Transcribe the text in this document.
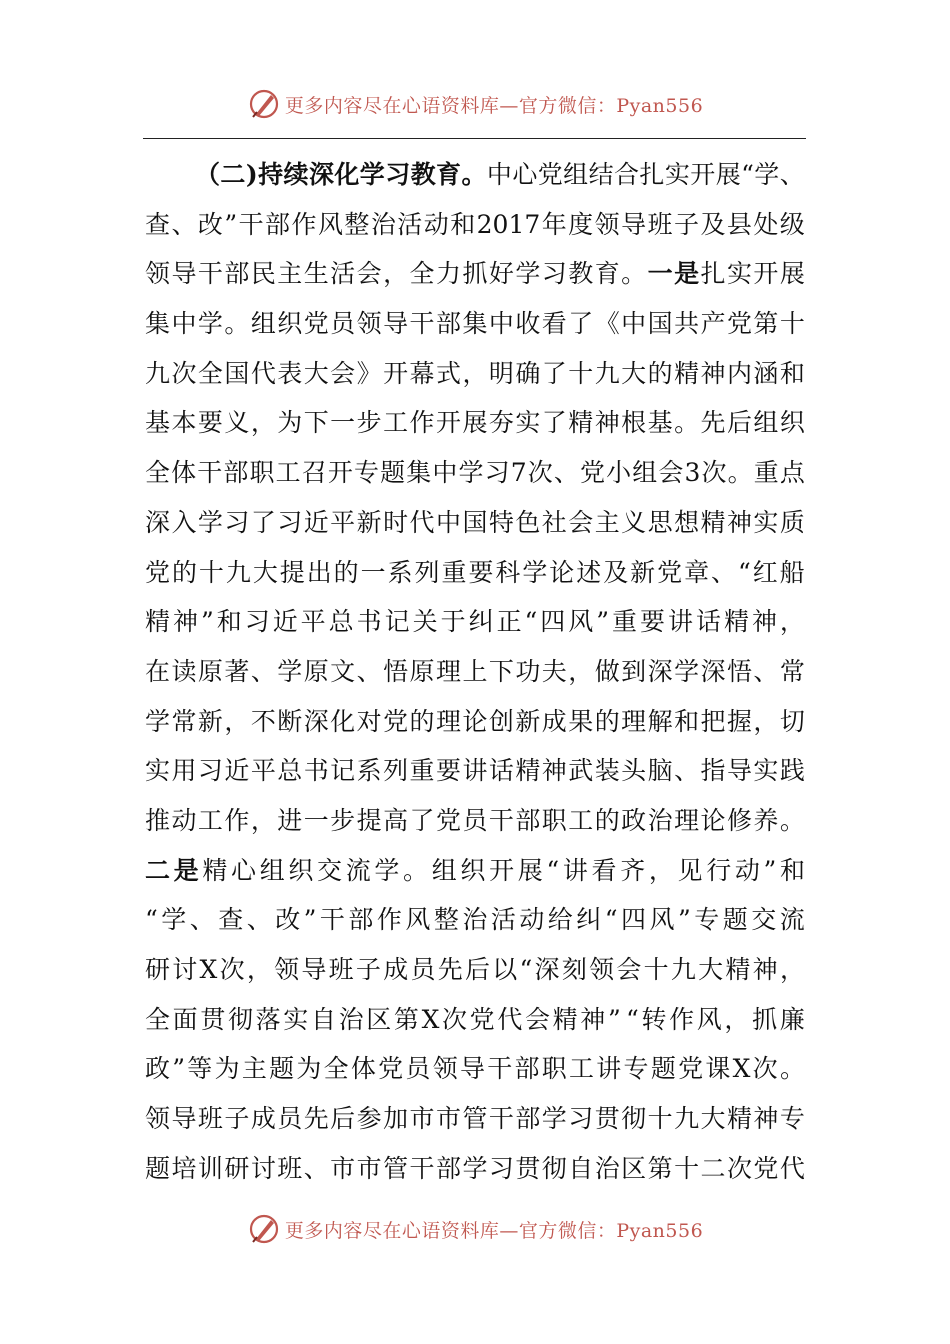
更多内容尽在心语资料库—官方微信：Pyan556
（ 二 ) 持 续 深 化 学 习 教 育 。 中 心 党 组 结 合 扎 实 开 展 “ 学 、
查 、 改 ” 干 部 作 风 整 治 活 动 和 2017 年 度 领 导 班 子 及 县 处 级
领 导 干 部 民 主 生 活 会 ， 全 力 抓 好 学 习 教 育 。 一 是 扎 实 开 展
集 中 学 。 组 织 党 员 领 导 干 部 集 中 收 看 了 《 中 国 共 产 党 第 十
九 次 全 国 代 表 大 会 》 开 幕 式 ， 明 确 了 十 九 大 的 精 神 内 涵 和
基 本 要 义 ， 为 下 一 步 工 作 开 展 夯 实 了 精 神 根 基 。 先 后 组 织
全 体 干 部 职 工 召 开 专 题 集 中 学 习 7 次 、 党 小 组 会 3 次 。 重 点
深 入 学 习 了 习 近 平 新 时 代 中 国 特 色 社 会 主 义 思 想 精 神 实 质
党 的 十 九 大 提 出 的 一 系 列 重 要 科 学 论 述 及 新 党 章 、 “ 红 船
精 神 ” 和 习 近 平 总 书 记 关 于 纠 正 “ 四 风 ” 重 要 讲 话 精 神 ，
在 读 原 著 、 学 原 文 、 悟 原 理 上 下 功 夫 ， 做 到 深 学 深 悟 、 常
学 常 新 ， 不 断 深 化 对 党 的 理 论 创 新 成 果 的 理 解 和 把 握 ， 切
实 用 习 近 平 总 书 记 系 列 重 要 讲 话 精 神 武 装 头 脑 、 指 导 实 践
推 动 工 作 ， 进 一 步 提 高 了 党 员 干 部 职 工 的 政 治 理 论 修 养 。
二 是 精 心 组 织 交 流 学 。 组 织 开 展 “ 讲 看 齐 ， 见 行 动 ” 和
“ 学 、 查 、 改 ” 干 部 作 风 整 治 活 动 给 纠 “ 四 风 ” 专 题 交 流
研 讨 X 次 ， 领 导 班 子 成 员 先 后 以 “ 深 刻 领 会 十 九 大 精 神 ，
全 面 贯 彻 落 实 自 治 区 第 X 次 党 代 会 精 神 ” “ 转 作 风 ， 抓 廉
政 ” 等 为 主 题 为 全 体 党 员 领 导 干 部 职 工 讲 专 题 党 课 X 次 。
领 导 班 子 成 员 先 后 参 加 市 市 管 干 部 学 习 贯 彻 十 九 大 精 神 专
题 培 训 研 讨 班 、 市 市 管 干 部 学 习 贯 彻 自 治 区 第 十 二 次 党 代
更多内容尽在心语资料库—官方微信：Pyan556
